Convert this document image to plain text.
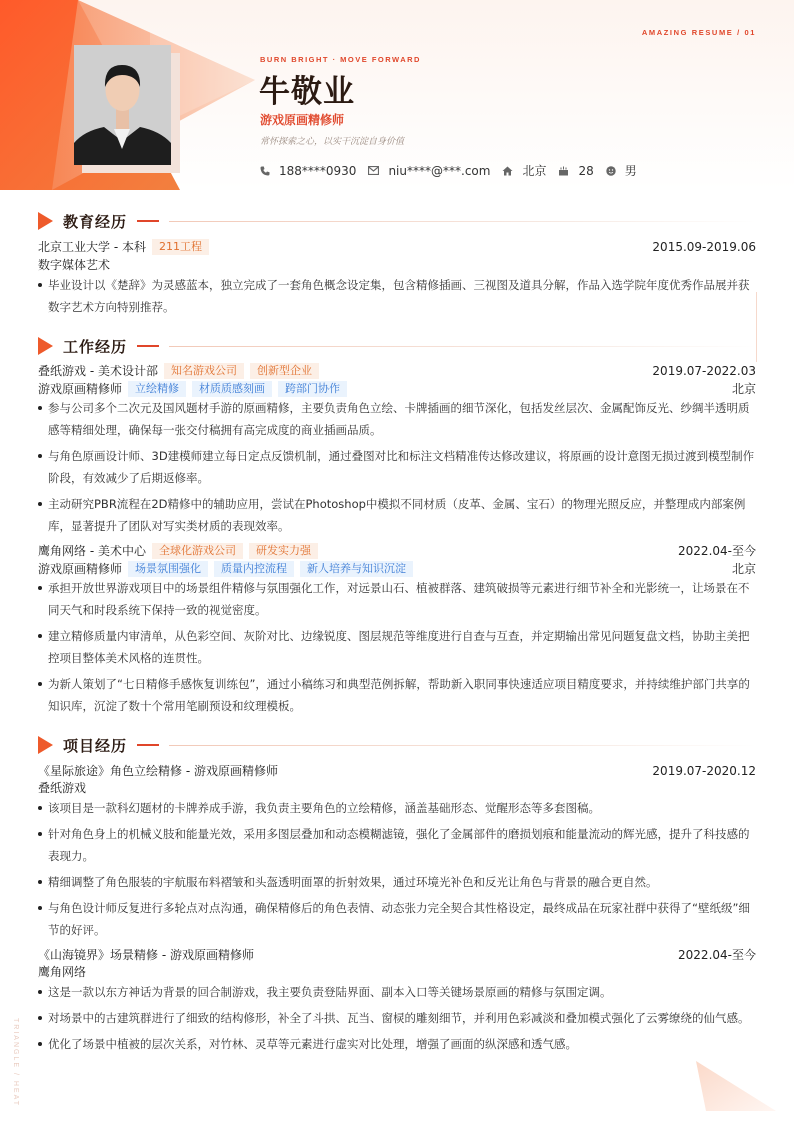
AMAZING RESUME / 01
BURN BRIGHT · MOVE FORWARD
牛敬业
游戏原画精修师
常怀探索之心，以实干沉淀自身价值
188****0930	niu****@***.com	北京	28	男
教育经历
北京工业大学 - 本科	211工程	2015.09-2019.06
数字媒体艺术
毕业设计以《楚辞》为灵感蓝本，独立完成了一套角色概念设定集，包含精修插画、三视图及道具分解，作品入选学院年度优秀作品展并获数字艺术方向特别推荐。
工作经历
叠纸游戏 - 美术设计部	知名游戏公司	创新型企业	2019.07-2022.03
游戏原画精修师	立绘精修	材质质感刻画	跨部门协作	北京
参与公司多个二次元及国风题材手游的原画精修，主要负责角色立绘、卡牌插画的细节深化，包括发丝层次、金属配饰反光、纱绸半透明质感等精细处理，确保每一张交付稿拥有高完成度的商业插画品质。
与角色原画设计师、3D建模师建立每日定点反馈机制，通过叠图对比和标注文档精准传达修改建议，将原画的设计意图无损过渡到模型制作阶段，有效减少了后期返修率。
主动研究PBR流程在2D精修中的辅助应用，尝试在Photoshop中模拟不同材质（皮革、金属、宝石）的物理光照反应，并整理成内部案例库，显著提升了团队对写实类材质的表现效率。
鹰角网络 - 美术中心	全球化游戏公司	研发实力强	2022.04-至今
游戏原画精修师	场景氛围强化	质量内控流程	新人培养与知识沉淀	北京
承担开放世界游戏项目中的场景组件精修与氛围强化工作，对远景山石、植被群落、建筑破损等元素进行细节补全和光影统一，让场景在不同天气和时段系统下保持一致的视觉密度。
建立精修质量内审清单，从色彩空间、灰阶对比、边缘锐度、图层规范等维度进行自查与互查，并定期输出常见问题复盘文档，协助主美把控项目整体美术风格的连贯性。
为新人策划了“七日精修手感恢复训练包”，通过小稿练习和典型范例拆解，帮助新入职同事快速适应项目精度要求，并持续维护部门共享的知识库，沉淀了数十个常用笔刷预设和纹理模板。
项目经历
《星际旅途》角色立绘精修 - 游戏原画精修师	2019.07-2020.12
叠纸游戏
该项目是一款科幻题材的卡牌养成手游，我负责主要角色的立绘精修，涵盖基础形态、觉醒形态等多套图稿。
针对角色身上的机械义肢和能量光效，采用多图层叠加和动态模糊滤镜，强化了金属部件的磨损划痕和能量流动的辉光感，提升了科技感的表现力。
精细调整了角色服装的宇航服布料褶皱和头盔透明面罩的折射效果，通过环境光补色和反光让角色与背景的融合更自然。
与角色设计师反复进行多轮点对点沟通，确保精修后的角色表情、动态张力完全契合其性格设定，最终成品在玩家社群中获得了“壁纸级”细节的好评。
《山海镜界》场景精修 - 游戏原画精修师	2022.04-至今
鹰角网络
这是一款以东方神话为背景的回合制游戏，我主要负责登陆界面、副本入口等关键场景原画的精修与氛围定调。
对场景中的古建筑群进行了细致的结构修形，补全了斗拱、瓦当、窗棂的雕刻细节，并利用色彩减淡和叠加模式强化了云雾缭绕的仙气感。
优化了场景中植被的层次关系，对竹林、灵草等元素进行虚实对比处理，增强了画面的纵深感和透气感。
TRIANGLE / HEAT
